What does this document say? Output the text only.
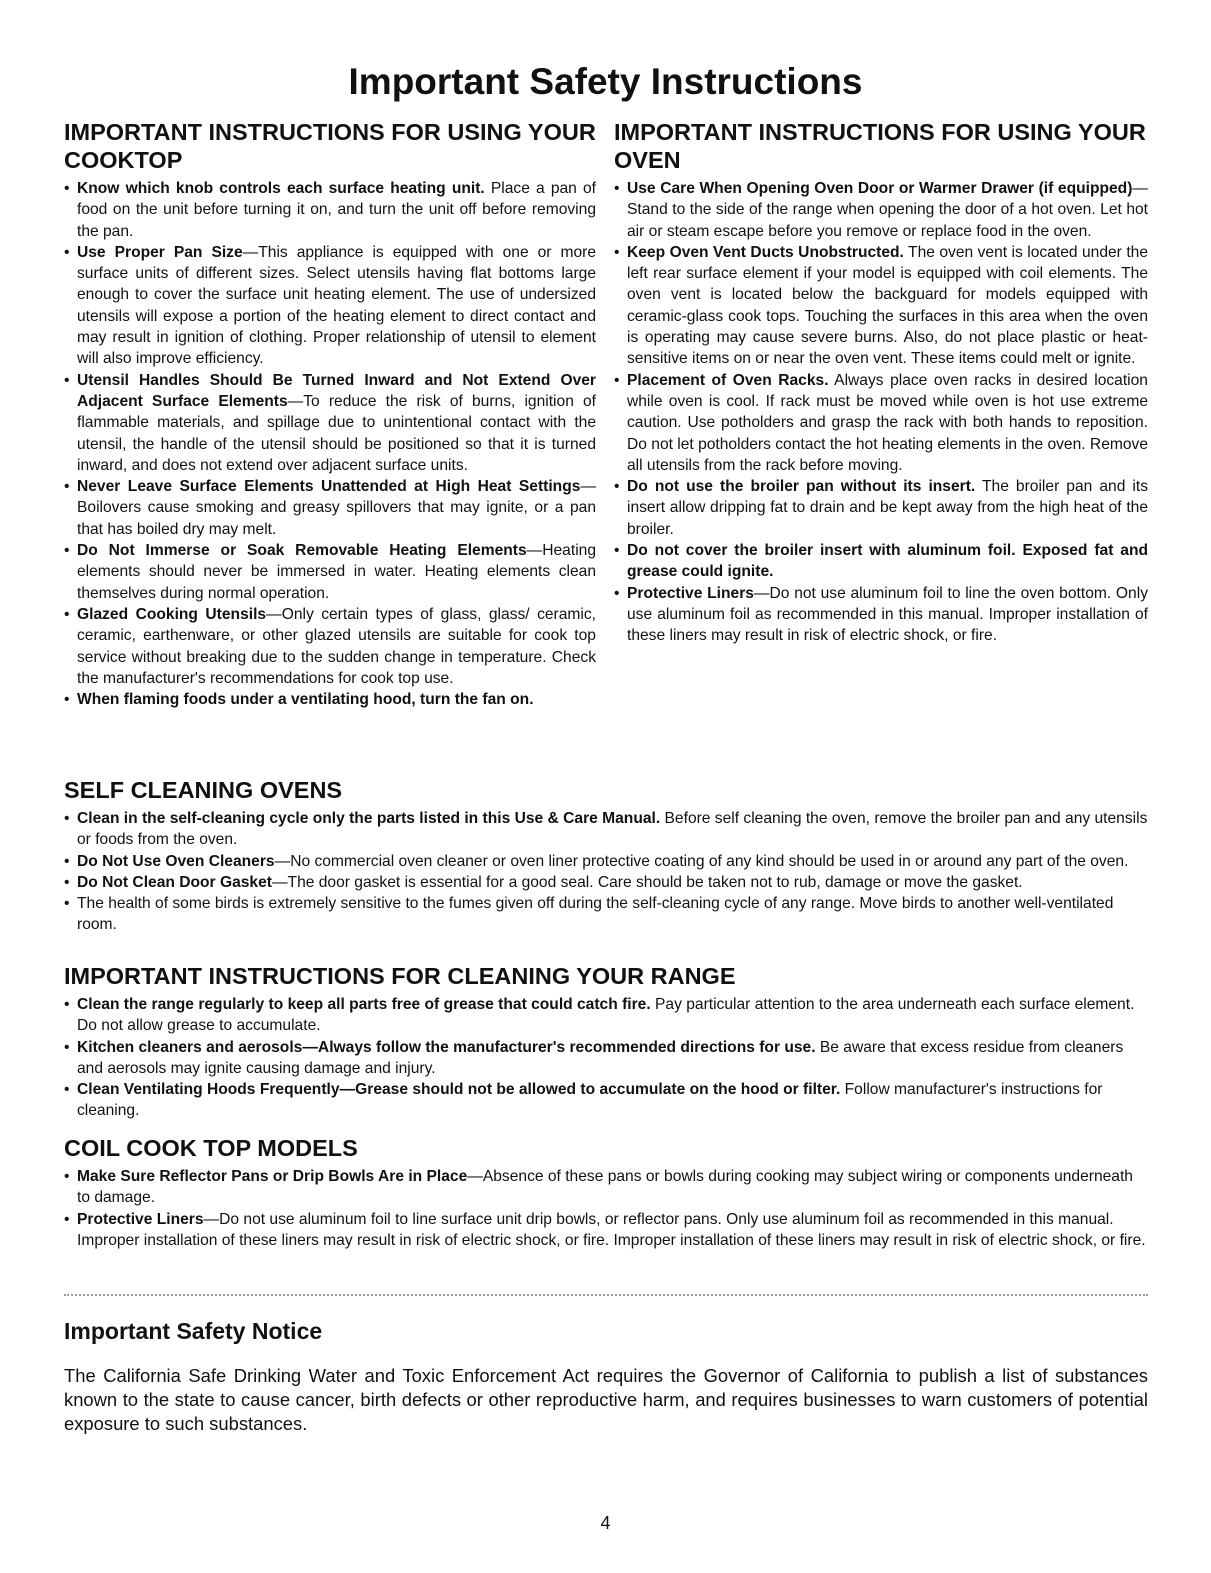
Important Safety Instructions
IMPORTANT INSTRUCTIONS FOR USING YOUR COOKTOP
• Know which knob controls each surface heating unit. Place a pan of food on the unit before turning it on, and turn the unit off before removing the pan.
• Use Proper Pan Size—This appliance is equipped with one or more surface units of different sizes. Select utensils having flat bottoms large enough to cover the surface unit heating element. The use of undersized utensils will expose a portion of the heating element to direct contact and may result in ignition of clothing. Proper relationship of utensil to element will also improve efficiency.
• Utensil Handles Should Be Turned Inward and Not Extend Over Adjacent Surface Elements—To reduce the risk of burns, ignition of flammable materials, and spillage due to unintentional contact with the utensil, the handle of the utensil should be positioned so that it is turned inward, and does not extend over adjacent surface units.
• Never Leave Surface Elements Unattended at High Heat Settings—Boilovers cause smoking and greasy spillovers that may ignite, or a pan that has boiled dry may melt.
• Do Not Immerse or Soak Removable Heating Elements—Heating elements should never be immersed in water. Heating elements clean themselves during normal operation.
• Glazed Cooking Utensils—Only certain types of glass, glass/ ceramic, ceramic, earthenware, or other glazed utensils are suitable for cook top service without breaking due to the sudden change in temperature. Check the manufacturer's recommendations for cook top use.
• When flaming foods under a ventilating hood, turn the fan on.
IMPORTANT INSTRUCTIONS FOR USING YOUR OVEN
• Use Care When Opening Oven Door or Warmer Drawer (if equipped)—Stand to the side of the range when opening the door of a hot oven. Let hot air or steam escape before you remove or replace food in the oven.
• Keep Oven Vent Ducts Unobstructed. The oven vent is located under the left rear surface element if your model is equipped with coil elements. The oven vent is located below the backguard for models equipped with ceramic-glass cook tops. Touching the surfaces in this area when the oven is operating may cause severe burns. Also, do not place plastic or heat-sensitive items on or near the oven vent. These items could melt or ignite.
• Placement of Oven Racks. Always place oven racks in desired location while oven is cool. If rack must be moved while oven is hot use extreme caution. Use potholders and grasp the rack with both hands to reposition. Do not let potholders contact the hot heating elements in the oven. Remove all utensils from the rack before moving.
• Do not use the broiler pan without its insert. The broiler pan and its insert allow dripping fat to drain and be kept away from the high heat of the broiler.
• Do not cover the broiler insert with aluminum foil. Exposed fat and grease could ignite.
• Protective Liners—Do not use aluminum foil to line the oven bottom. Only use aluminum foil as recommended in this manual. Improper installation of these liners may result in risk of electric shock, or fire.
SELF CLEANING OVENS
• Clean in the self-cleaning cycle only the parts listed in this Use & Care Manual. Before self cleaning the oven, remove the broiler pan and any utensils or foods from the oven.
• Do Not Use Oven Cleaners—No commercial oven cleaner or oven liner protective coating of any kind should be used in or around any part of the oven.
• Do Not Clean Door Gasket—The door gasket is essential for a good seal. Care should be taken not to rub, damage or move the gasket.
• The health of some birds is extremely sensitive to the fumes given off during the self-cleaning cycle of any range. Move birds to another well-ventilated room.
IMPORTANT INSTRUCTIONS FOR CLEANING YOUR RANGE
• Clean the range regularly to keep all parts free of grease that could catch fire. Pay particular attention to the area underneath each surface element. Do not allow grease to accumulate.
• Kitchen cleaners and aerosols—Always follow the manufacturer's recommended directions for use. Be aware that excess residue from cleaners and aerosols may ignite causing damage and injury.
• Clean Ventilating Hoods Frequently—Grease should not be allowed to accumulate on the hood or filter. Follow manufacturer's instructions for cleaning.
COIL COOK TOP MODELS
• Make Sure Reflector Pans or Drip Bowls Are in Place—Absence of these pans or bowls during cooking may subject wiring or components underneath to damage.
• Protective Liners—Do not use aluminum foil to line surface unit drip bowls, or reflector pans. Only use aluminum foil as recommended in this manual. Improper installation of these liners may result in risk of electric shock, or fire. Improper installation of these liners may result in risk of electric shock, or fire.
Important Safety Notice

The California Safe Drinking Water and Toxic Enforcement Act requires the Governor of California to publish a list of substances known to the state to cause cancer, birth defects or other reproductive harm, and requires businesses to warn customers of potential exposure to such substances.

4
